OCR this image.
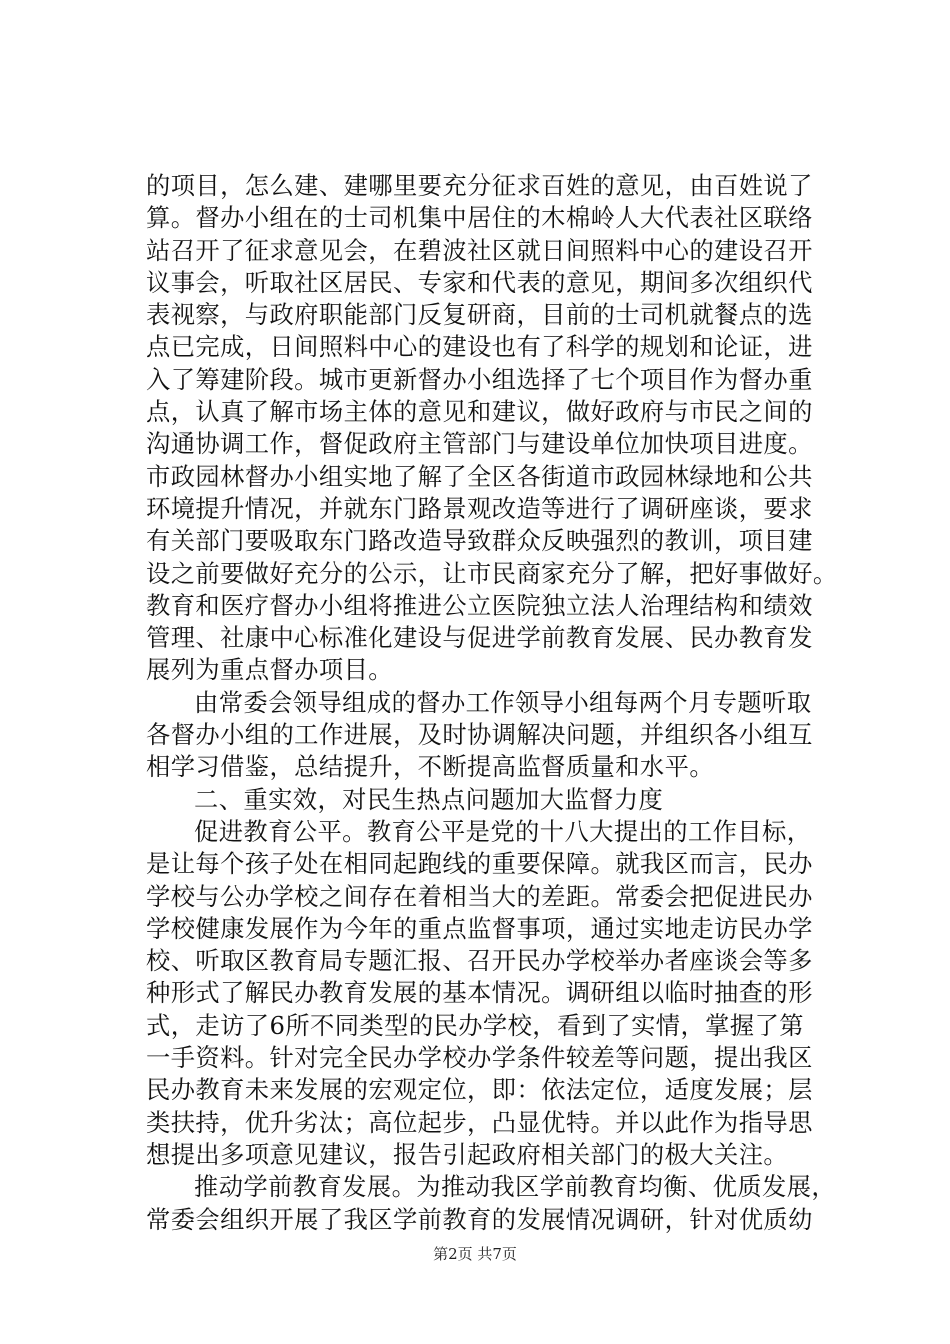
的项目，怎么建、建哪里要充分征求百姓的意见，由百姓说了
算。督办小组在的士司机集中居住的木棉岭人大代表社区联络
站召开了征求意见会，在碧波社区就日间照料中心的建设召开
议事会，听取社区居民、专家和代表的意见，期间多次组织代
表视察，与政府职能部门反复研商，目前的士司机就餐点的选
点已完成，日间照料中心的建设也有了科学的规划和论证，进
入了筹建阶段。城市更新督办小组选择了七个项目作为督办重
点，认真了解市场主体的意见和建议，做好政府与市民之间的
沟通协调工作，督促政府主管部门与建设单位加快项目进度。
市政园林督办小组实地了解了全区各街道市政园林绿地和公共
环境提升情况，并就东门路景观改造等进行了调研座谈，要求
有关部门要吸取东门路改造导致群众反映强烈的教训，项目建
设之前要做好充分的公示，让市民商家充分了解，把好事做好。
教育和医疗督办小组将推进公立医院独立法人治理结构和绩效
管理、社康中心标准化建设与促进学前教育发展、民办教育发
展列为重点督办项目。
由常委会领导组成的督办工作领导小组每两个月专题听取
各督办小组的工作进展，及时协调解决问题，并组织各小组互
相学习借鉴，总结提升，不断提高监督质量和水平。
二、重实效，对民生热点问题加大监督力度
促进教育公平。教育公平是党的十八大提出的工作目标，
是让每个孩子处在相同起跑线的重要保障。就我区而言，民办
学校与公办学校之间存在着相当大的差距。常委会把促进民办
学校健康发展作为今年的重点监督事项，通过实地走访民办学
校、听取区教育局专题汇报、召开民办学校举办者座谈会等多
种形式了解民办教育发展的基本情况。调研组以临时抽查的形
式，走访了6所不同类型的民办学校，看到了实情，掌握了第
一手资料。针对完全民办学校办学条件较差等问题，提出我区
民办教育未来发展的宏观定位，即：依法定位，适度发展；层
类扶持，优升劣汰；高位起步，凸显优特。并以此作为指导思
想提出多项意见建议，报告引起政府相关部门的极大关注。
推动学前教育发展。为推动我区学前教育均衡、优质发展，
常委会组织开展了我区学前教育的发展情况调研，针对优质幼
第2页 共7页
